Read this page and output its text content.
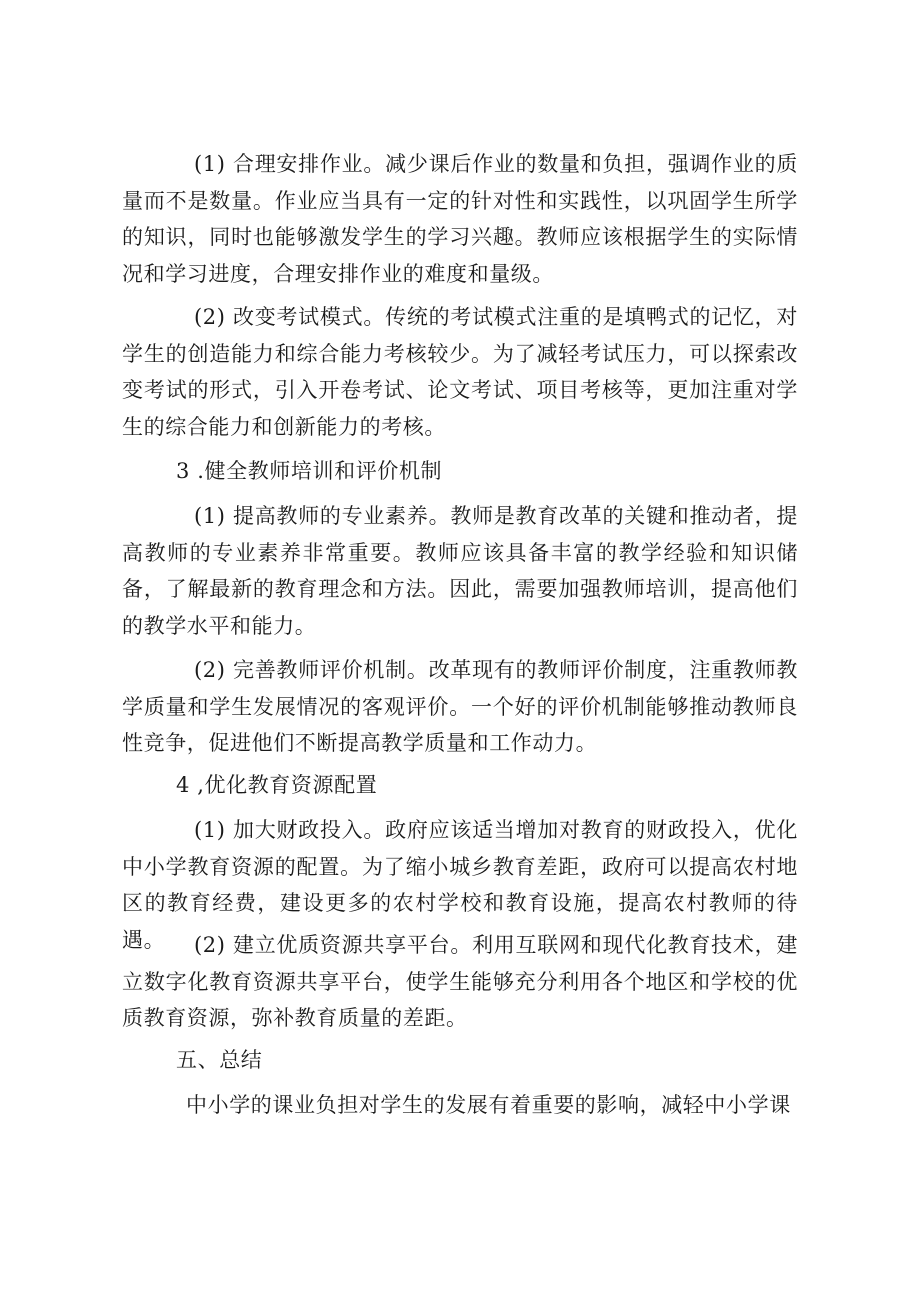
(1) 合理安排作业。减少课后作业的数量和负担，强调作业的质量而不是数量。作业应当具有一定的针对性和实践性，以巩固学生所学的知识，同时也能够激发学生的学习兴趣。教师应该根据学生的实际情况和学习进度，合理安排作业的难度和量级。

(2) 改变考试模式。传统的考试模式注重的是填鸭式的记忆，对学生的创造能力和综合能力考核较少。为了减轻考试压力，可以探索改变考试的形式，引入开卷考试、论文考试、项目考核等，更加注重对学生的综合能力和创新能力的考核。

3 .健全教师培训和评价机制

(1) 提高教师的专业素养。教师是教育改革的关键和推动者，提高教师的专业素养非常重要。教师应该具备丰富的教学经验和知识储备，了解最新的教育理念和方法。因此，需要加强教师培训，提高他们的教学水平和能力。

(2) 完善教师评价机制。改革现有的教师评价制度，注重教师教学质量和学生发展情况的客观评价。一个好的评价机制能够推动教师良性竞争，促进他们不断提高教学质量和工作动力。

4 ,优化教育资源配置

(1) 加大财政投入。政府应该适当增加对教育的财政投入，优化中小学教育资源的配置。为了缩小城乡教育差距，政府可以提高农村地区的教育经费，建设更多的农村学校和教育设施，提高农村教师的待遇。	(2) 建立优质资源共享平台。利用互联网和现代化教育技术，建立数字化教育资源共享平台，使学生能够充分利用各个地区和学校的优质教育资源，弥补教育质量的差距。

五、总结

中小学的课业负担对学生的发展有着重要的影响，减轻中小学课
